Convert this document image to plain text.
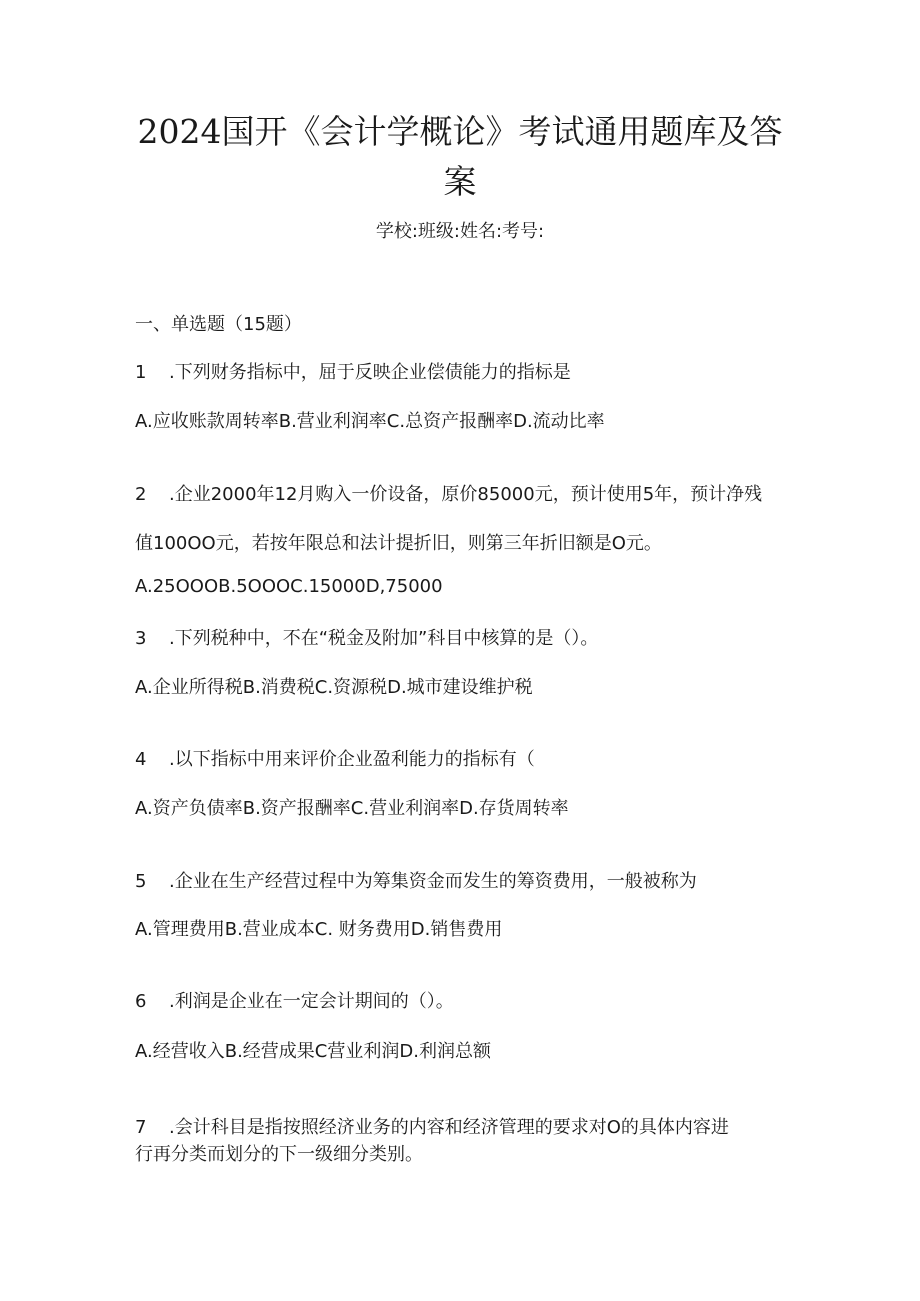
2024国开《会计学概论》考试通用题库及答
案
学校:班级:姓名:考号:
一、单选题（15题）
1 .下列财务指标中，屈于反映企业偿债能力的指标是
A.应收账款周转率B.营业利润率C.总资产报酬率D.流动比率
2 .企业2000年12月购入一价设备，原价85000元，预计使用5年，预计净残
值100OO元，若按年限总和法计提折旧，则第三年折旧额是O元。
A.25OOOB.5OOOC.15000D,75000
3 .下列税种中，不在“税金及附加”科目中核算的是（）。
A.企业所得税B.消费税C.资源税D.城市建设维护税
4 .以下指标中用来评价企业盈利能力的指标有（
A.资产负债率B.资产报酬率C.营业利润率D.存货周转率
5 .企业在生产经营过程中为筹集资金而发生的筹资费用，一般被称为
A.管理费用B.营业成本C. 财务费用D.销售费用
6 .利润是企业在一定会计期间的（）。
A.经营收入B.经营成果C营业利润D.利润总额
7 .会计科目是指按照经济业务的内容和经济管理的要求对O的具体内容进
行再分类而划分的下一级细分类别。
